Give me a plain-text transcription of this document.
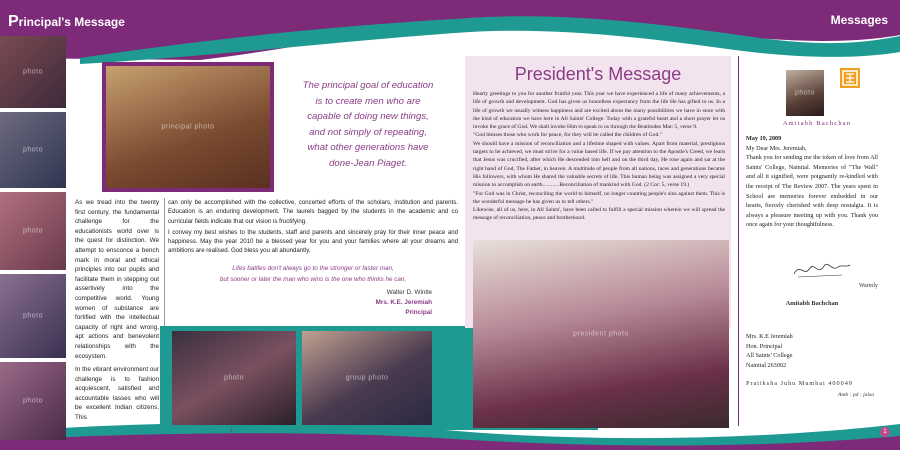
Principal's Message	Messages
photo
photo
photo
photo
photo
principal photo
The principal goal of education
is to create men who are
capable of doing new things,
and not simply of repeating,
what other generations have
done-Jean Piaget.

As we tread into the twenty first century, the fundamental challenge for the educationists world over is the quest for distinction. We attempt to ensconce a bench mark in moral and ethical principles into our pupils and facilitate them in stepping out assertively into the competitive world. Young women of substance are fortified with the intellectual capacity of right and wrong, apt actions and benevolent relationships with the ecosystem.

In the vibrant environment our challenge is to fashion acquiescent, satisfied and accountable lasses who will be excellent Indian citizens. This

can only be accomplished with the collective, concerted efforts of the scholars, institution and parents. Education is an enduring development. The laurels bagged by the students in the academic and co curricular fields indicate that our vision is fructifying.

I convey my best wishes to the students, staff and parents and sincerely pray for their inner peace and happiness. May the year 2010 be a blessed year for you and your families where all your dreams and ambitions are realised. God bless you all abundantly.

Lifes battles don't always go to the stronger or faster man,
but sooner or later the man who wins is the one who thinks he can.
Walter D. Wintle
Mrs. K.E. Jeremiah
Principal
photo	group photo
1
President's Message

Hearty greetings to you for another fruitful year. This year we have experienced a life of many achievements, a life of growth and development. God has given us boundless expectancy from the life He has gifted to us. In a life of growth we usually witness happiness and are excited about the many possibilities we have in store with the kind of education we have here in All Saints' College. Today with a grateful heart and a short prayer let us invoke the grace of God. We shall invoke Him to speak to us through the Beatitudes Mat: 5, verse 9.

"God blesses those who work for peace, for they will be called the children of God."

We should have a mission of reconciliation and a lifetime shaped with values. Apart from material, prestigious targets to be achieved, we must strive for a value based life. If we pay attention to the Apostle's Creed, we learn that Jesus was crucified, after which He descended into hell and on the third day, He rose again and sat at the right hand of God, The Father, in heaven. A multitude of people from all nations, races and generations became His followers, with whom He shared the valuable secrets of life. This human being was assigned a very special mission to accomplish on earth............Reconciliation of mankind with God. (2 Cor: 5, verse 19.)

"For God was in Christ, reconciling the world to himself, no longer counting people's sins against them. This is the wonderful message he has given us to tell others."

Likewise, all of us, here, in All Saints', have been called to fulfill a special mission wherein we will spread the message of reconciliation, peace and brotherhood.

president photo
photo
Amitabh Bachchan

May 19, 2009

My Dear Mrs. Jeremiah,

Thank you for sending me the token of love from All Saints' College, Nainital. Memories of "The Wall" and all it signified, were poignantly re-kindled with the receipt of The Review 2007. The years spent in School are memories forever embedded in our hearts, fiercely cherished with deep nostalgia. It is always a pleasure meeting up with you. Thank you once again for your thoughtfulness.

Warmly
Amitabh Bachchan

Mrs. K.E Jeremiah

Hon. Principal

All Saints' College

Nainital 263002

Pratiksha Juhu Mumbai 400049
Amb : pd : jalsa
1
